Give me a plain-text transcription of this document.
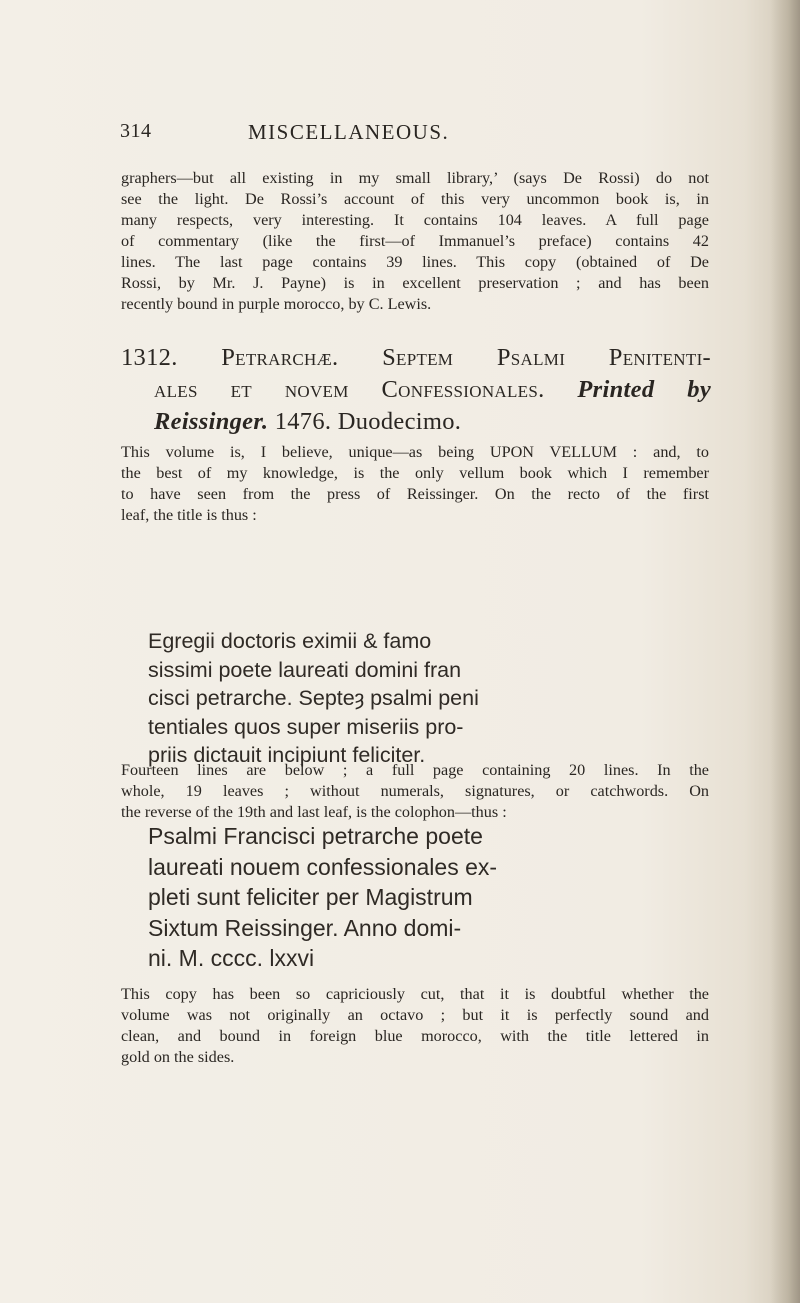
314	MISCELLANEOUS.
graphers—but all existing in my small library,’ (says De Rossi) do not
see the light. De Rossi’s account of this very uncommon book is, in
many respects, very interesting. It contains 104 leaves. A full page
of commentary (like the first—of Immanuel’s preface) contains 42
lines. The last page contains 39 lines. This copy (obtained of De
Rossi, by Mr. J. Payne) is in excellent preservation ; and has been
recently bound in purple morocco, by C. Lewis.
1312. Petrarchæ. Septem Psalmi Penitenti-
ales et novem Confessionales. Printed by
Reissinger. 1476. Duodecimo.
This volume is, I believe, unique—as being UPON VELLUM : and, to
the best of my knowledge, is the only vellum book which I remember
to have seen from the press of Reissinger. On the recto of the first
leaf, the title is thus :
Egregii doctoris eximii & famo
sissimi poete laureati domini fran
cisci petrarche. Septeȝ psalmi peni
tentiales quos super miseriis pro-
priis dictauit incipiunt feliciter.
Fourteen lines are below ; a full page containing 20 lines. In the
whole, 19 leaves ; without numerals, signatures, or catchwords. On
the reverse of the 19th and last leaf, is the colophon—thus :
Psalmi Francisci petrarche poete
laureati nouem confessionales ex-
pleti sunt feliciter per Magistrum
Sixtum Reissinger. Anno domi-
ni. M. cccc. lxxvi
This copy has been so capriciously cut, that it is doubtful whether the
volume was not originally an octavo ; but it is perfectly sound and
clean, and bound in foreign blue morocco, with the title lettered in
gold on the sides.
